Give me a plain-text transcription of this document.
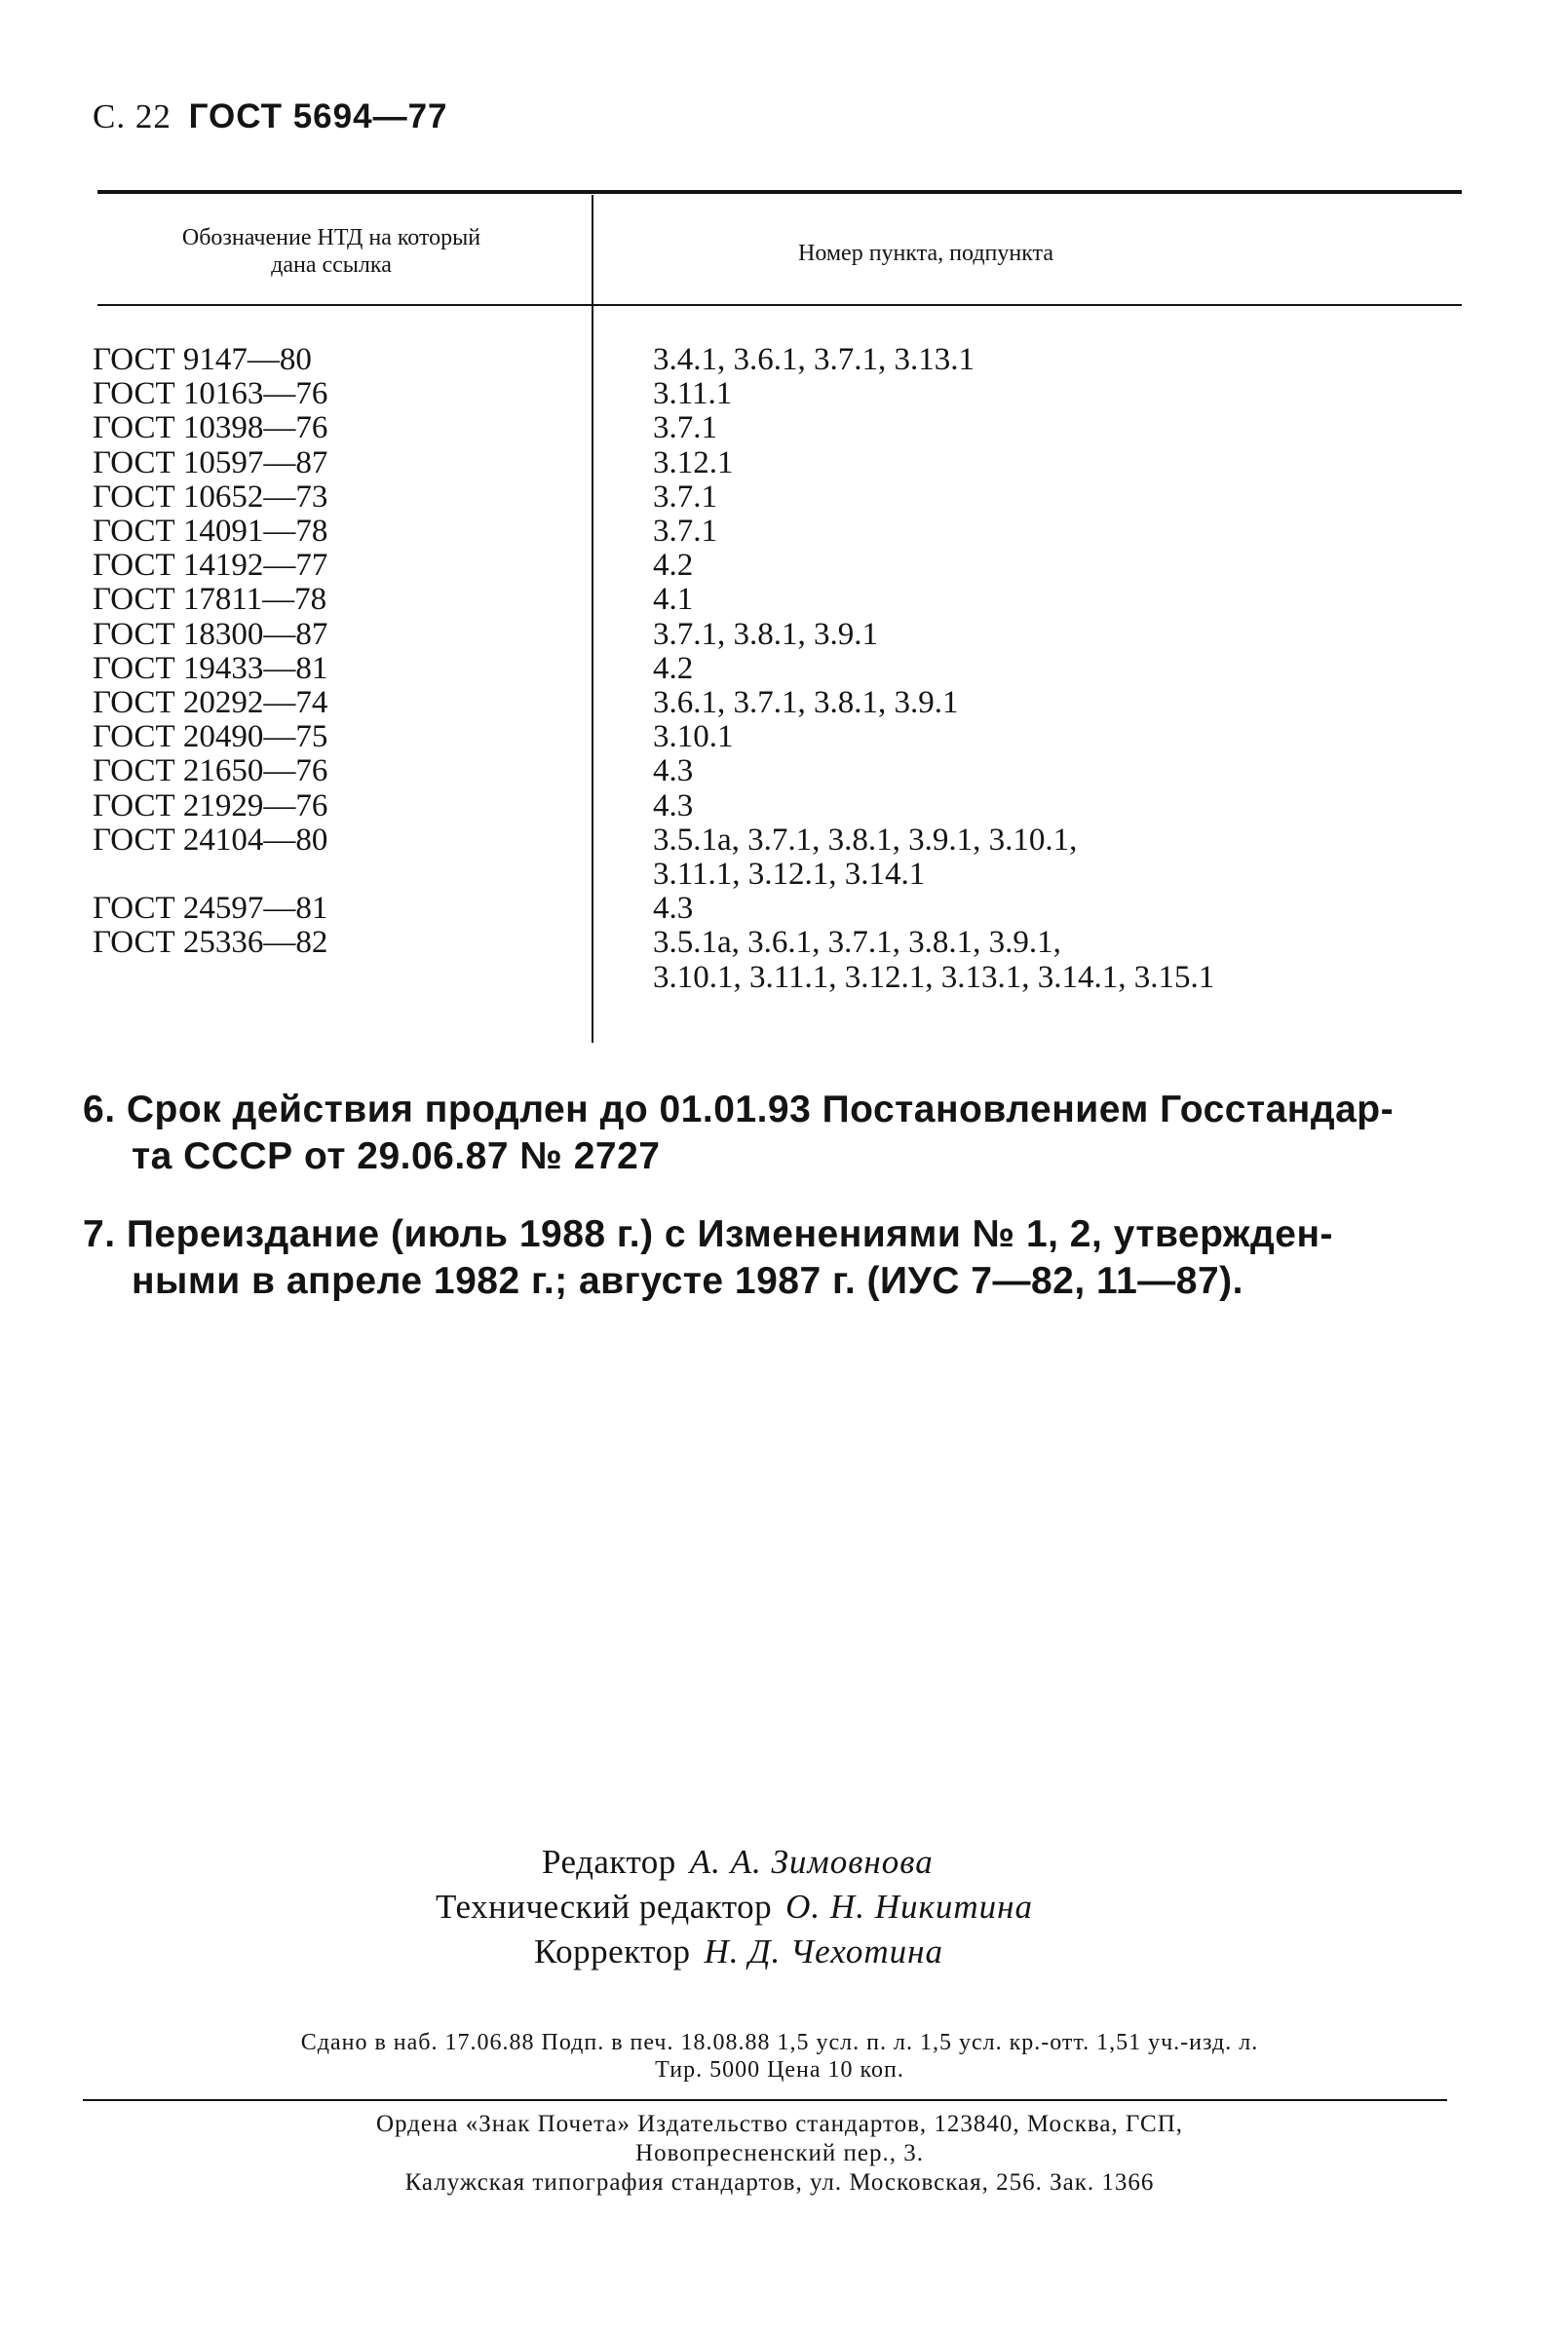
С. 22 ГОСТ 5694—77
Обозначение НТД на который
дана ссылка	Номер пункта, подпункта
ГОСТ 9147—80	3.4.1, 3.6.1, 3.7.1, 3.13.1
ГОСТ 10163—76	3.11.1
ГОСТ 10398—76	3.7.1
ГОСТ 10597—87	3.12.1
ГОСТ 10652—73	3.7.1
ГОСТ 14091—78	3.7.1
ГОСТ 14192—77	4.2
ГОСТ 17811—78	4.1
ГОСТ 18300—87	3.7.1, 3.8.1, 3.9.1
ГОСТ 19433—81	4.2
ГОСТ 20292—74	3.6.1, 3.7.1, 3.8.1, 3.9.1
ГОСТ 20490—75	3.10.1
ГОСТ 21650—76	4.3
ГОСТ 21929—76	4.3
ГОСТ 24104—80	3.5.1а, 3.7.1, 3.8.1, 3.9.1, 3.10.1,
3.11.1, 3.12.1, 3.14.1
ГОСТ 24597—81	4.3
ГОСТ 25336—82	3.5.1а, 3.6.1, 3.7.1, 3.8.1, 3.9.1,
3.10.1, 3.11.1, 3.12.1, 3.13.1, 3.14.1, 3.15.1
6. Срок действия продлен до 01.01.93 Постановлением Госстандар-
та СССР от 29.06.87 № 2727
7. Переиздание (июль 1988 г.) с Изменениями № 1, 2, утвержден-
ными в апреле 1982 г.; августе 1987 г. (ИУС 7—82, 11—87).
Редактор А. А. Зимовнова
Технический редактор О. Н. Никитина
Корректор Н. Д. Чехотина
Сдано в наб. 17.06.88 Подп. в печ. 18.08.88 1,5 усл. п. л. 1,5 усл. кр.-отт. 1,51 уч.-изд. л.
Тир. 5000 Цена 10 коп.
Ордена «Знак Почета» Издательство стандартов, 123840, Москва, ГСП,
Новопресненский пер., 3.
Калужская типография стандартов, ул. Московская, 256. Зак. 1366
